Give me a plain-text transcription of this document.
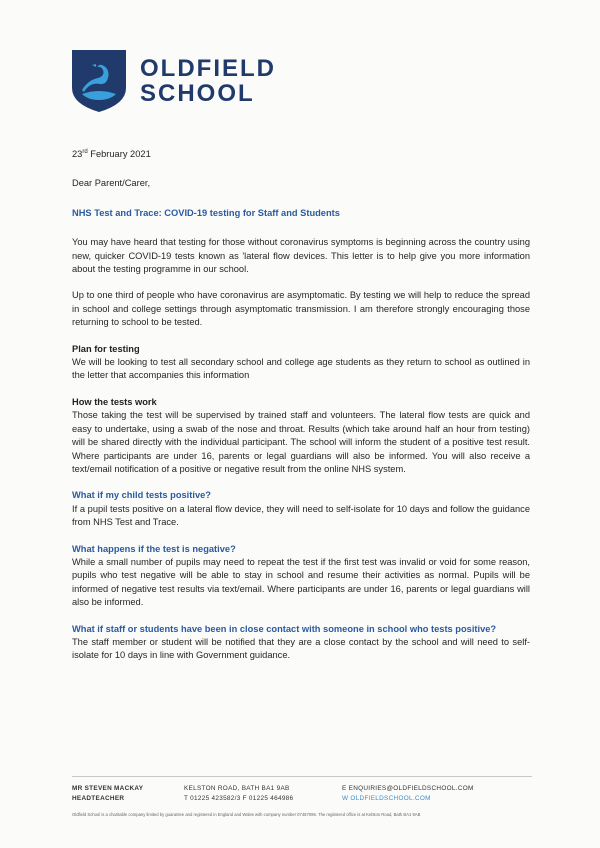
OLDFIELD
SCHOOL

23rd February 2021

Dear Parent/Carer,

NHS Test and Trace: COVID-19 testing for Staff and Students

You may have heard that testing for those without coronavirus symptoms is beginning across the country using new, quicker COVID-19 tests known as 'lateral flow devices. This letter is to help give you more information about the testing programme in our school.

Up to one third of people who have coronavirus are asymptomatic. By testing we will help to reduce the spread in school and college settings through asymptomatic transmission. I am therefore strongly encouraging those returning to school to be tested.

Plan for testing

We will be looking to test all secondary school and college age students as they return to school as outlined in the letter that accompanies this information

How the tests work

Those taking the test will be supervised by trained staff and volunteers. The lateral flow tests are quick and easy to undertake, using a swab of the nose and throat. Results (which take around half an hour from testing) will be shared directly with the individual participant. The school will inform the student of a positive test result. Where participants are under 16, parents or legal guardians will also be informed. You will also receive a text/email notification of a positive or negative result from the online NHS system.

What if my child tests positive?

If a pupil tests positive on a lateral flow device, they will need to self-isolate for 10 days and follow the guidance from NHS Test and Trace.

What happens if the test is negative?

While a small number of pupils may need to repeat the test if the first test was invalid or void for some reason, pupils who test negative will be able to stay in school and resume their activities as normal. Pupils will be informed of negative test results via text/email. Where participants are under 16, parents or legal guardians will also be informed.

What if staff or students have been in close contact with someone in school who tests positive?

The staff member or student will be notified that they are a close contact by the school and will need to self-isolate for 10 days in line with Government guidance.

MR STEVEN MACKAY
HEADTEACHER
KELSTON ROAD, BATH BA1 9AB
T 01225 423582/3 F 01225 464986
E ENQUIRIES@OLDFIELDSCHOOL.COM
W OLDFIELDSCHOOL.COM
Oldfield School is a charitable company limited by guarantee and registered in England and Wales with company number 07467096. The registered office is at Kelston Road, Bath BA1 9AB
